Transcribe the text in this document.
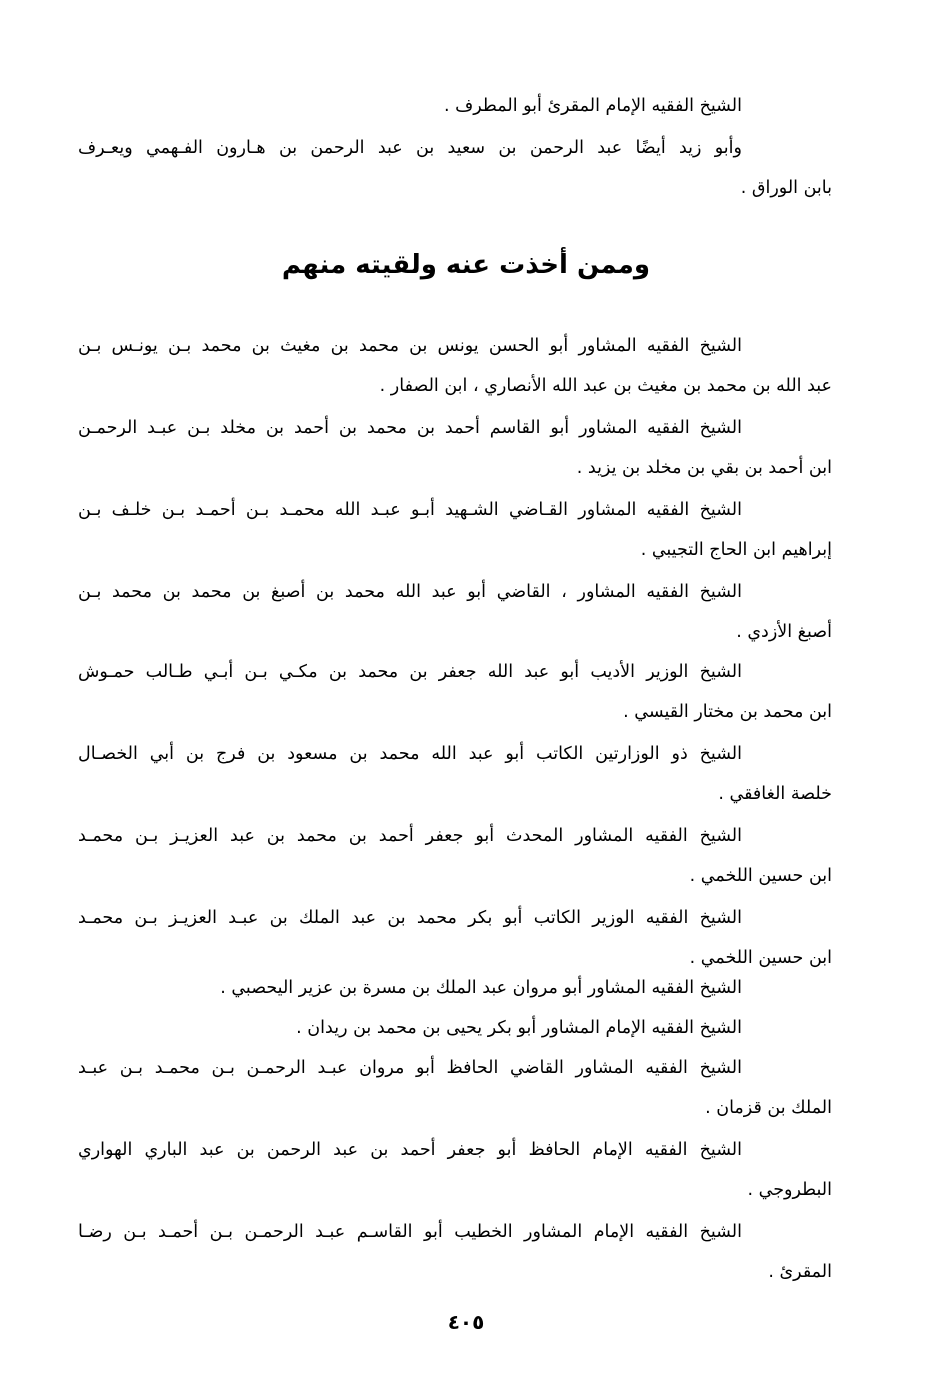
الشيخ الفقيه الإمام المقرئ أبو المطرف .

وأبو زيد أيضًا عبد الرحمن بن سعيد بن عبد الرحمن بن هـارون الفـهمي ويعـرف
بابن الوراق .

وممن أخذت عنه ولقيته منهم

الشيخ الفقيه المشاور أبو الحسن يونس بن محمد بن مغيث بن محمد بـن يونـس بـن
عبد الله بن محمد بن مغيث بن عبد الله الأنصاري ، ابن الصفار .

الشيخ الفقيه المشاور أبو القاسم أحمد بن محمد بن أحمد بن مخلد بـن عبـد الرحمـن
ابن أحمد بن بقي بن مخلد بن يزيد .

الشيخ الفقيه المشاور القـاضي الشـهيد أبـو عبـد الله محمـد بـن أحمـد بـن خلـف بـن
إبراهيم ابن الحاج التجيبي .

الشيخ الفقيه المشاور ، القاضي أبو عبد الله محمد بن أصبغ بن محمد بن محمد بـن
أصبغ الأزدي .

الشيخ الوزير الأديب أبو عبد الله جعفر بن محمد بن مكـي بـن أبـي طـالب حمـوش
ابن محمد بن مختار القيسي .

الشيخ ذو الوزارتين الكاتب أبو عبد الله محمد بن مسعود بن فرج بن أبي الخصـال
خلصة الغافقي .

الشيخ الفقيه المشاور المحدث أبو جعفر أحمد بن محمد بن عبد العزيـز بـن محمـد
ابن حسين اللخمي .

الشيخ الفقيه الوزير الكاتب أبو بكر محمد بن عبد الملك بن عبـد العزيـز بـن محمـد
ابن حسين اللخمي .

الشيخ الفقيه المشاور أبو مروان عبد الملك بن مسرة بن عزير اليحصبي .

الشيخ الفقيه الإمام المشاور أبو بكر يحيى بن محمد بن ريدان .

الشيخ الفقيه المشاور القاضي الحافظ أبو مروان عبـد الرحمـن بـن محمـد بـن عبـد
الملك بن قزمان .

الشيخ الفقيه الإمام الحافظ أبو جعفر أحمد بن عبد الرحمن بن عبد الباري الهواري
البطروجي .

الشيخ الفقيه الإمام المشاور الخطيب أبو القاسـم عبـد الرحمـن بـن أحمـد بـن رضـا
المقرئ .

٤٠٥
